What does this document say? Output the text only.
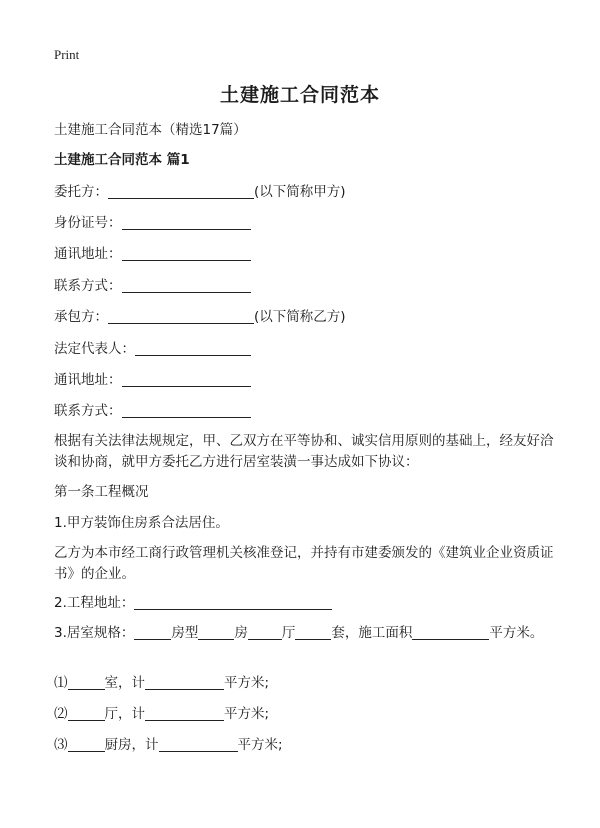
Print
土建施工合同范本
土建施工合同范本（精选17篇）
土建施工合同范本 篇1
委托方：	(以下简称甲方)
身份证号：
通讯地址：
联系方式：
承包方：	(以下简称乙方)
法定代表人：
通讯地址：
联系方式：

根据有关法律法规规定，甲、乙双方在平等协和、诚实信用原则的基础上，经友好洽谈和协商，就甲方委托乙方进行居室装潢一事达成如下协议：

第一条工程概况
1.甲方装饰住房系合法居住。

乙方为本市经工商行政管理机关核准登记，并持有市建委颁发的《建筑业企业资质证书》的企业。

2.工程地址：
3.居室规格：	房型	房	厅	套，施工面积	平方米。
⑴	室，计	平方米;
⑵	厅，计	平方米;
⑶	厨房，计	平方米;
